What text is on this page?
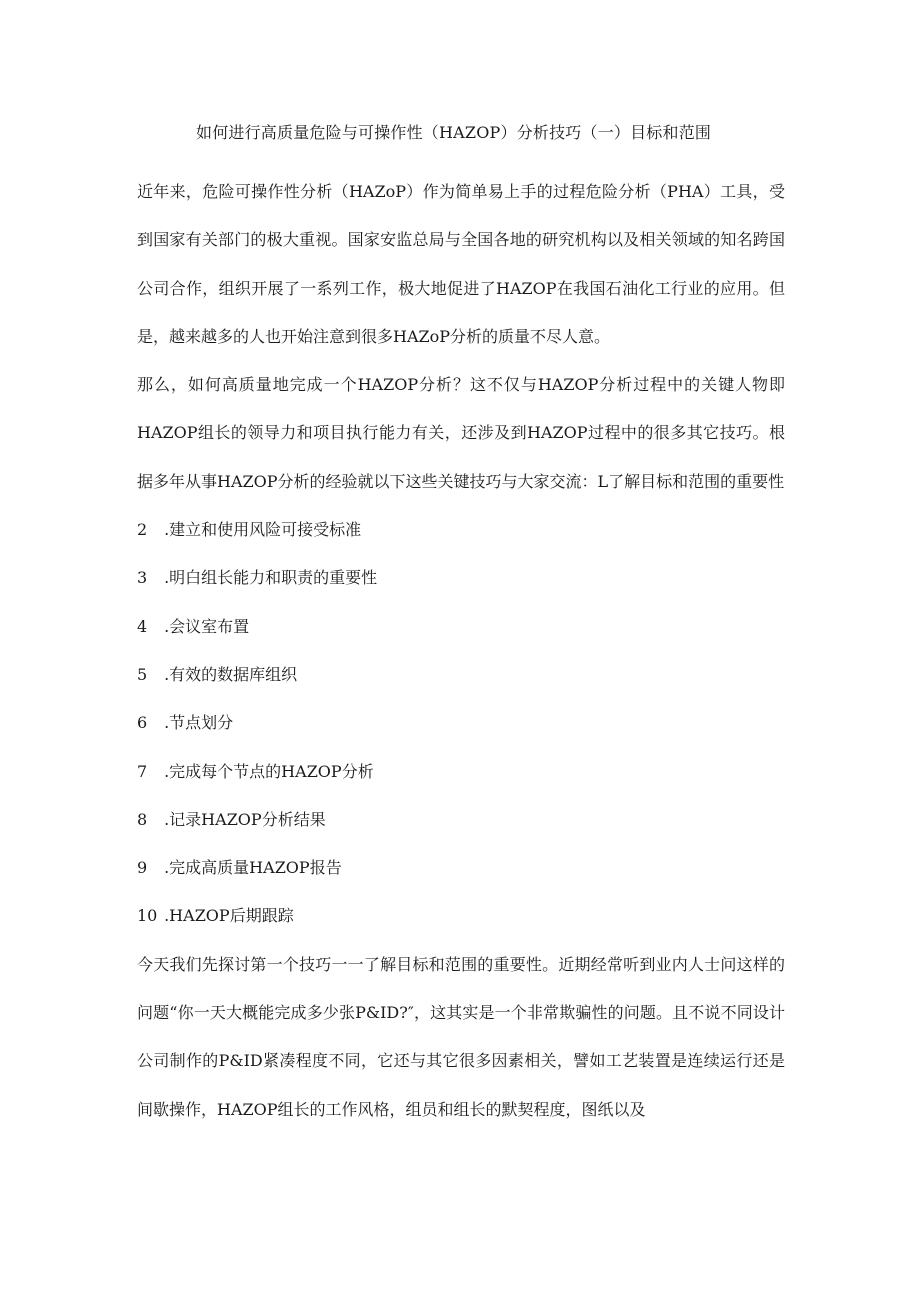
如何进行高质量危险与可操作性（HAZOP）分析技巧（一）目标和范围

近年来，危险可操作性分析（HAZoP）作为简单易上手的过程危险分析（PHA）工具，受到国家有关部门的极大重视。国家安监总局与全国各地的研究机构以及相关领域的知名跨国公司合作，组织开展了一系列工作，极大地促进了HAZOP在我国石油化工行业的应用。但是，越来越多的人也开始注意到很多HAZoP分析的质量不尽人意。

那么，如何高质量地完成一个HAZOP分析？这不仅与HAZOP分析过程中的关键人物即HAZOP组长的领导力和项目执行能力有关，还涉及到HAZOP过程中的很多其它技巧。根据多年从事HAZOP分析的经验就以下这些关键技巧与大家交流：L了解目标和范围的重要性

2 .建立和使用风险可接受标准
3 .明白组长能力和职责的重要性
4 .会议室布置
5 .有效的数据库组织
6 .节点划分
7 .完成每个节点的HAZOP分析
8 .记录HAZOP分析结果
9 .完成高质量HAZOP报告
10 .HAZOP后期跟踪

今天我们先探讨第一个技巧一一了解目标和范围的重要性。近期经常听到业内人士问这样的问题“你一天大概能完成多少张P&ID?″，这其实是一个非常欺骗性的问题。且不说不同设计公司制作的P&ID紧凑程度不同，它还与其它很多因素相关，譬如工艺装置是连续运行还是间歇操作，HAZOP组长的工作风格，组员和组长的默契程度，图纸以及
